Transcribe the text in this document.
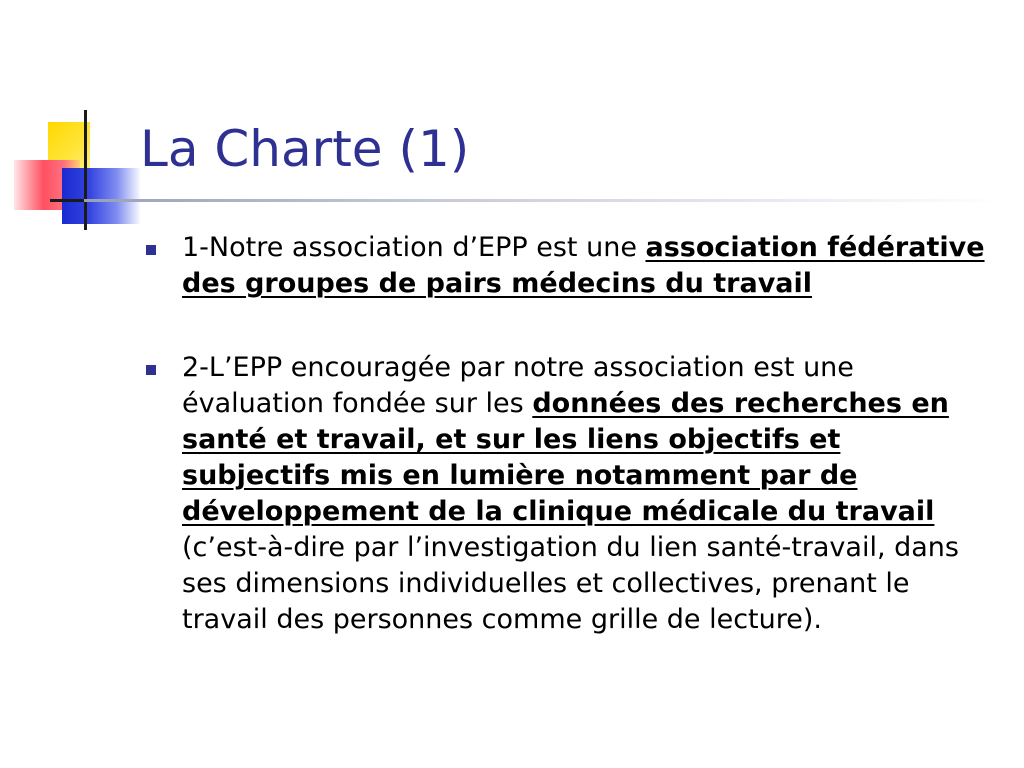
La Charte (1)

1-Notre association d’EPP est une association fédérative des groupes de pairs médecins du travail

2-L’EPP encouragée par notre association est une évaluation fondée sur les données des recherches en santé et travail, et sur les liens objectifs et subjectifs mis en lumière notamment par de développement de la clinique médicale du travail (c’est-à-dire par l’investigation du lien santé-travail, dans ses dimensions individuelles et collectives, prenant le travail des personnes comme grille de lecture).
